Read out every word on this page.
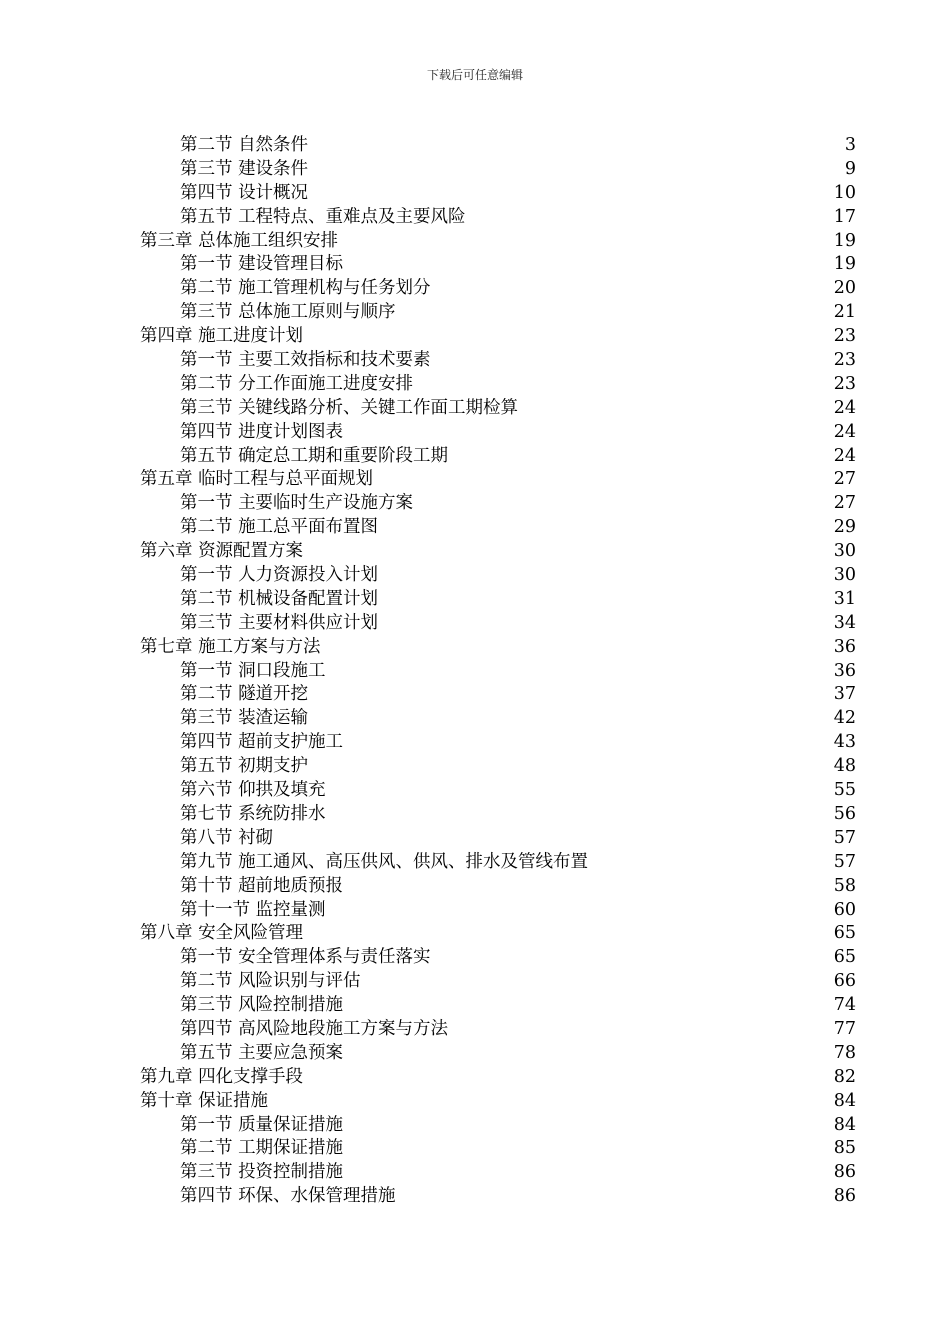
下载后可任意编辑
第二节 自然条件	3
第三节 建设条件	9
第四节 设计概况	10
第五节 工程特点、重难点及主要风险	17
第三章 总体施工组织安排	19
第一节 建设管理目标	19
第二节 施工管理机构与任务划分	20
第三节 总体施工原则与顺序	21
第四章 施工进度计划	23
第一节 主要工效指标和技术要素	23
第二节 分工作面施工进度安排	23
第三节 关键线路分析、关键工作面工期检算	24
第四节 进度计划图表	24
第五节 确定总工期和重要阶段工期	24
第五章 临时工程与总平面规划	27
第一节 主要临时生产设施方案	27
第二节 施工总平面布置图	29
第六章 资源配置方案	30
第一节 人力资源投入计划	30
第二节 机械设备配置计划	31
第三节 主要材料供应计划	34
第七章 施工方案与方法	36
第一节 洞口段施工	36
第二节 隧道开挖	37
第三节 装渣运输	42
第四节 超前支护施工	43
第五节 初期支护	48
第六节 仰拱及填充	55
第七节 系统防排水	56
第八节 衬砌	57
第九节 施工通风、高压供风、供风、排水及管线布置	57
第十节 超前地质预报	58
第十一节 监控量测	60
第八章 安全风险管理	65
第一节 安全管理体系与责任落实	65
第二节 风险识别与评估	66
第三节 风险控制措施	74
第四节 高风险地段施工方案与方法	77
第五节 主要应急预案	78
第九章 四化支撑手段	82
第十章 保证措施	84
第一节 质量保证措施	84
第二节 工期保证措施	85
第三节 投资控制措施	86
第四节 环保、水保管理措施	86
